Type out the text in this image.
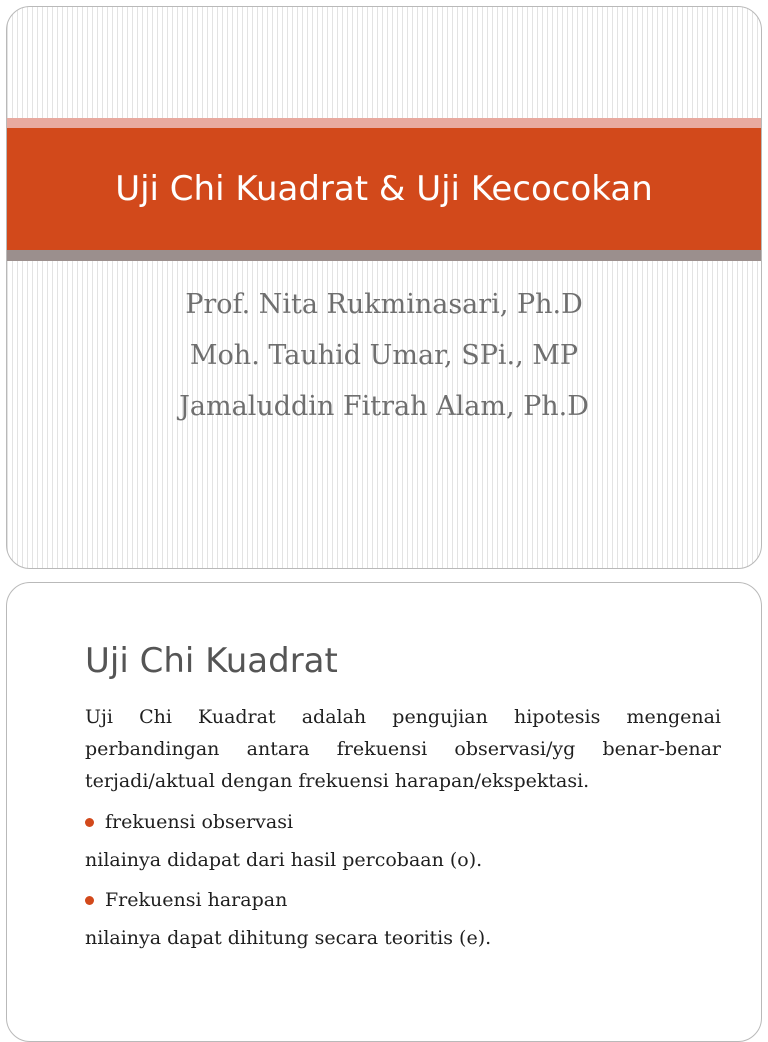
Uji Chi Kuadrat & Uji Kecocokan
Prof. Nita Rukminasari, Ph.D
Moh. Tauhid Umar, SPi., MP
Jamaluddin Fitrah Alam, Ph.D
Uji Chi Kuadrat

Uji Chi Kuadrat adalah pengujian hipotesis mengenai perbandingan antara frekuensi observasi/yg benar-benar terjadi/aktual dengan frekuensi harapan/ekspektasi.

frekuensi observasi

nilainya didapat dari hasil percobaan (o).

Frekuensi harapan

nilainya dapat dihitung secara teoritis (e).
